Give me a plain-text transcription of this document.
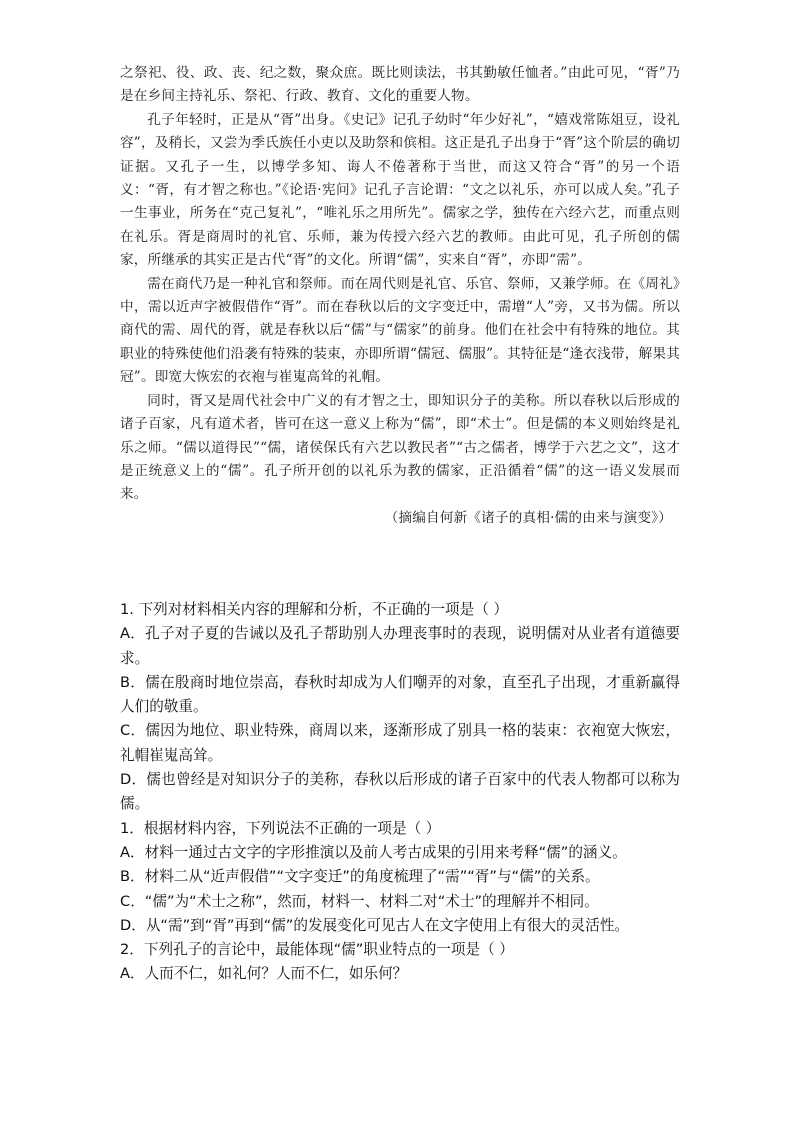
之祭祀、役、政、丧、纪之数，聚众庶。既比则读法，书其勤敏任恤者。”由此可见，“胥”乃是在乡间主持礼乐、祭祀、行政、教育、文化的重要人物。

孔子年轻时，正是从“胥”出身。《史记》记孔子幼时“年少好礼”，“嬉戏常陈俎豆，设礼容”，及稍长，又尝为季氏族任小吏以及助祭和傧相。这正是孔子出身于“胥”这个阶层的确切证据。又孔子一生，以博学多知、诲人不倦著称于当世，而这又符合“胥”的另一个语义：“胥，有才智之称也。”《论语·宪问》记孔子言论谓：“文之以礼乐，亦可以成人矣。”孔子一生事业，所务在“克己复礼”，“唯礼乐之用所先”。儒家之学，独传在六经六艺，而重点则在礼乐。胥是商周时的礼官、乐师，兼为传授六经六艺的教师。由此可见，孔子所创的儒家，所继承的其实正是古代“胥”的文化。所谓“儒”，实来自“胥”，亦即“需”。

需在商代乃是一种礼官和祭师。而在周代则是礼官、乐官、祭师，又兼学师。在《周礼》中，需以近声字被假借作“胥”。而在春秋以后的文字变迁中，需增“人”旁，又书为儒。所以商代的需、周代的胥，就是春秋以后“儒”与“儒家”的前身。他们在社会中有特殊的地位。其职业的特殊使他们沿袭有特殊的装束，亦即所谓“儒冠、儒服”。其特征是“逢衣浅带，解果其冠”。即宽大恢宏的衣袍与崔嵬高耸的礼帽。

同时，胥又是周代社会中广义的有才智之士，即知识分子的美称。所以春秋以后形成的诸子百家，凡有道术者，皆可在这一意义上称为“儒”，即“术士”。但是儒的本义则始终是礼乐之师。“儒以道得民”“儒，诸侯保氏有六艺以教民者”“古之儒者，博学于六艺之文”，这才是正统意义上的“儒”。孔子所开创的以礼乐为教的儒家，正沿循着“儒”的这一语义发展而来。

（摘编自何新《诸子的真相·儒的由来与演变》）

1. 下列对材料相关内容的理解和分析，不正确的一项是（ ）

A．孔子对子夏的告诫以及孔子帮助别人办理丧事时的表现，说明儒对从业者有道德要求。

B．儒在殷商时地位崇高，春秋时却成为人们嘲弄的对象，直至孔子出现，才重新赢得人们的敬重。

C．儒因为地位、职业特殊，商周以来，逐渐形成了别具一格的装束：衣袍宽大恢宏，礼帽崔嵬高耸。

D．儒也曾经是对知识分子的美称，春秋以后形成的诸子百家中的代表人物都可以称为儒。

1．根据材料内容，下列说法不正确的一项是（ ）

A．材料一通过古文字的字形推演以及前人考古成果的引用来考释“儒”的涵义。

B．材料二从“近声假借”“文字变迁”的角度梳理了“需”“胥”与“儒”的关系。

C．“儒”为“术士之称”，然而，材料一、材料二对“术士”的理解并不相同。

D．从“需”到“胥”再到“儒”的发展变化可见古人在文字使用上有很大的灵活性。

2．下列孔子的言论中，最能体现“儒”职业特点的一项是（ ）

A．人而不仁，如礼何？人而不仁，如乐何？
